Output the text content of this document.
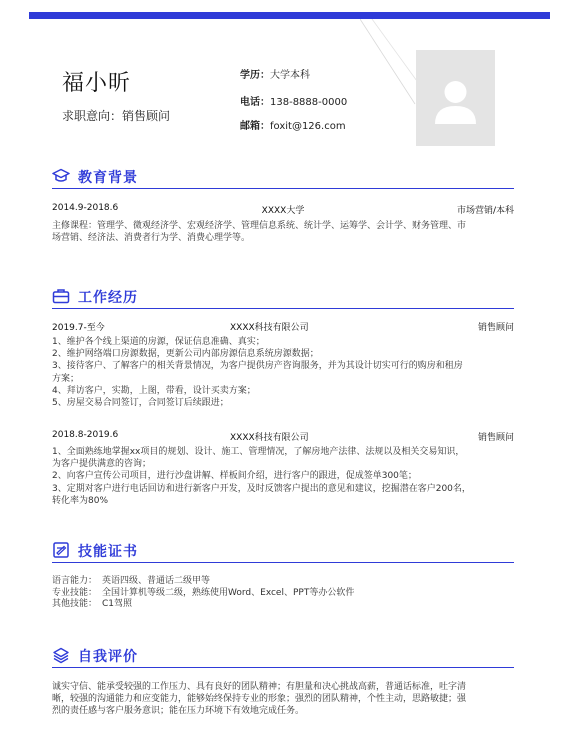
福小昕
求职意向：销售顾问
学历：大学本科
电话：138-8888-0000
邮箱：foxit@126.com
教育背景
2014.9-2018.6	XXXX大学	市场营销/本科
主修课程：管理学、微观经济学、宏观经济学、管理信息系统、统计学、运筹学、会计学、财务管理、市
场营销、经济法、消费者行为学、消费心理学等。
工作经历
2019.7-至今	XXXX科技有限公司	销售顾问
1、维护各个线上渠道的房源，保证信息准确、真实；
2、维护网络端口房源数据，更新公司内部房源信息系统房源数据；
3、接待客户、了解客户的相关背景情况，为客户提供房产咨询服务，并为其设计切实可行的购房和租房
方案；
4、拜访客户，实勘，上图，带看，设计买卖方案；
5、房屋交易合同签订，合同签订后续跟进；
2018.8-2019.6	XXXX科技有限公司	销售顾问
1、全面熟练地掌握xx项目的规划、设计、施工、管理情况，了解房地产法律、法规以及相关交易知识，
为客户提供满意的咨询；
2、向客户宣传公司项目，进行沙盘讲解、样板间介绍，进行客户的跟进，促成签单300笔；
3、定期对客户进行电话回访和进行新客户开发，及时反馈客户提出的意见和建议，挖掘潜在客户200名，
转化率为80%
技能证书
语言能力： 英语四级、普通话二级甲等
专业技能： 全国计算机等级二级，熟练使用Word、Excel、PPT等办公软件
其他技能： C1驾照
自我评价
诚实守信、能承受较强的工作压力、具有良好的团队精神；有胆量和决心挑战高薪，普通话标准，吐字清
晰，较强的沟通能力和应变能力，能够始终保持专业的形象；强烈的团队精神，个性主动，思路敏捷；强
烈的责任感与客户服务意识；能在压力环境下有效地完成任务。
